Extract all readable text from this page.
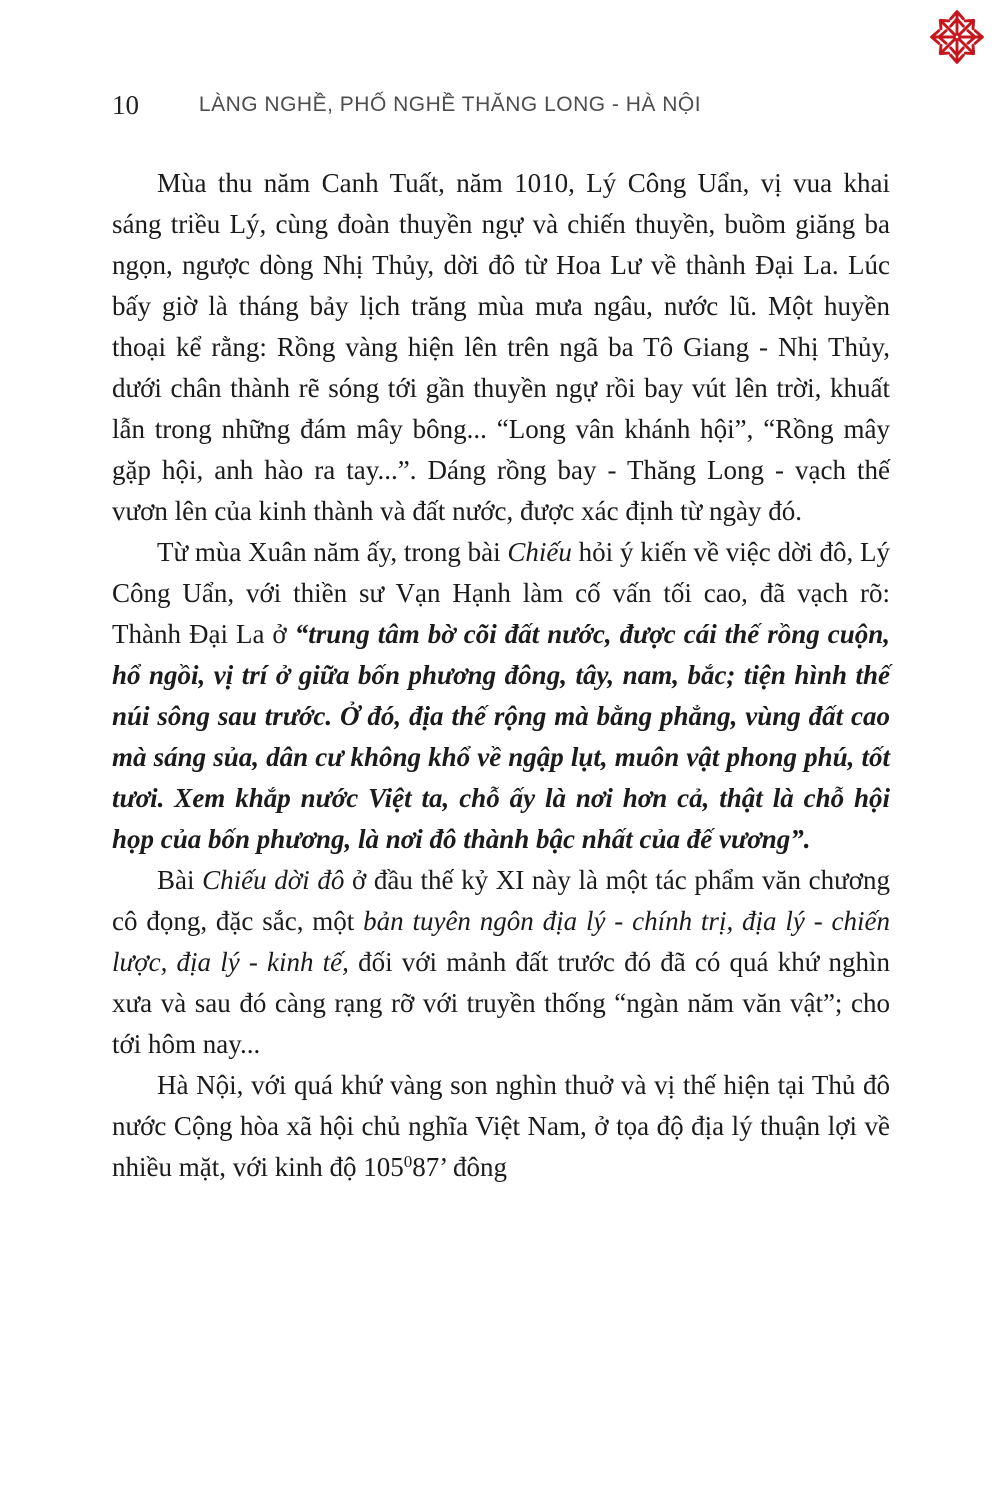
10	LÀNG NGHỀ, PHỐ NGHỀ THĂNG LONG - HÀ NỘI

Mùa thu năm Canh Tuất, năm 1010, Lý Công Uẩn, vị vua khai sáng triều Lý, cùng đoàn thuyền ngự và chiến thuyền, buồm giăng ba ngọn, ngược dòng Nhị Thủy, dời đô từ Hoa Lư về thành Đại La. Lúc bấy giờ là tháng bảy lịch trăng mùa mưa ngâu, nước lũ. Một huyền thoại kể rằng: Rồng vàng hiện lên trên ngã ba Tô Giang - Nhị Thủy, dưới chân thành rẽ sóng tới gần thuyền ngự rồi bay vút lên trời, khuất lẫn trong những đám mây bông... “Long vân khánh hội”, “Rồng mây gặp hội, anh hào ra tay...”. Dáng rồng bay - Thăng Long - vạch thế vươn lên của kinh thành và đất nước, được xác định từ ngày đó.

Từ mùa Xuân năm ấy, trong bài Chiếu hỏi ý kiến về việc dời đô, Lý Công Uẩn, với thiền sư Vạn Hạnh làm cố vấn tối cao, đã vạch rõ: Thành Đại La ở “trung tâm bờ cõi đất nước, được cái thế rồng cuộn, hổ ngồi, vị trí ở giữa bốn phương đông, tây, nam, bắc; tiện hình thế núi sông sau trước. Ở đó, địa thế rộng mà bằng phẳng, vùng đất cao mà sáng sủa, dân cư không khổ về ngập lụt, muôn vật phong phú, tốt tươi. Xem khắp nước Việt ta, chỗ ấy là nơi hơn cả, thật là chỗ hội họp của bốn phương, là nơi đô thành bậc nhất của đế vương”.

Bài Chiếu dời đô ở đầu thế kỷ XI này là một tác phẩm văn chương cô đọng, đặc sắc, một bản tuyên ngôn địa lý - chính trị, địa lý - chiến lược, địa lý - kinh tế, đối với mảnh đất trước đó đã có quá khứ nghìn xưa và sau đó càng rạng rỡ với truyền thống “ngàn năm văn vật”; cho tới hôm nay...

Hà Nội, với quá khứ vàng son nghìn thuở và vị thế hiện tại Thủ đô nước Cộng hòa xã hội chủ nghĩa Việt Nam, ở tọa độ địa lý thuận lợi về nhiều mặt, với kinh độ $105^087$’ đông
